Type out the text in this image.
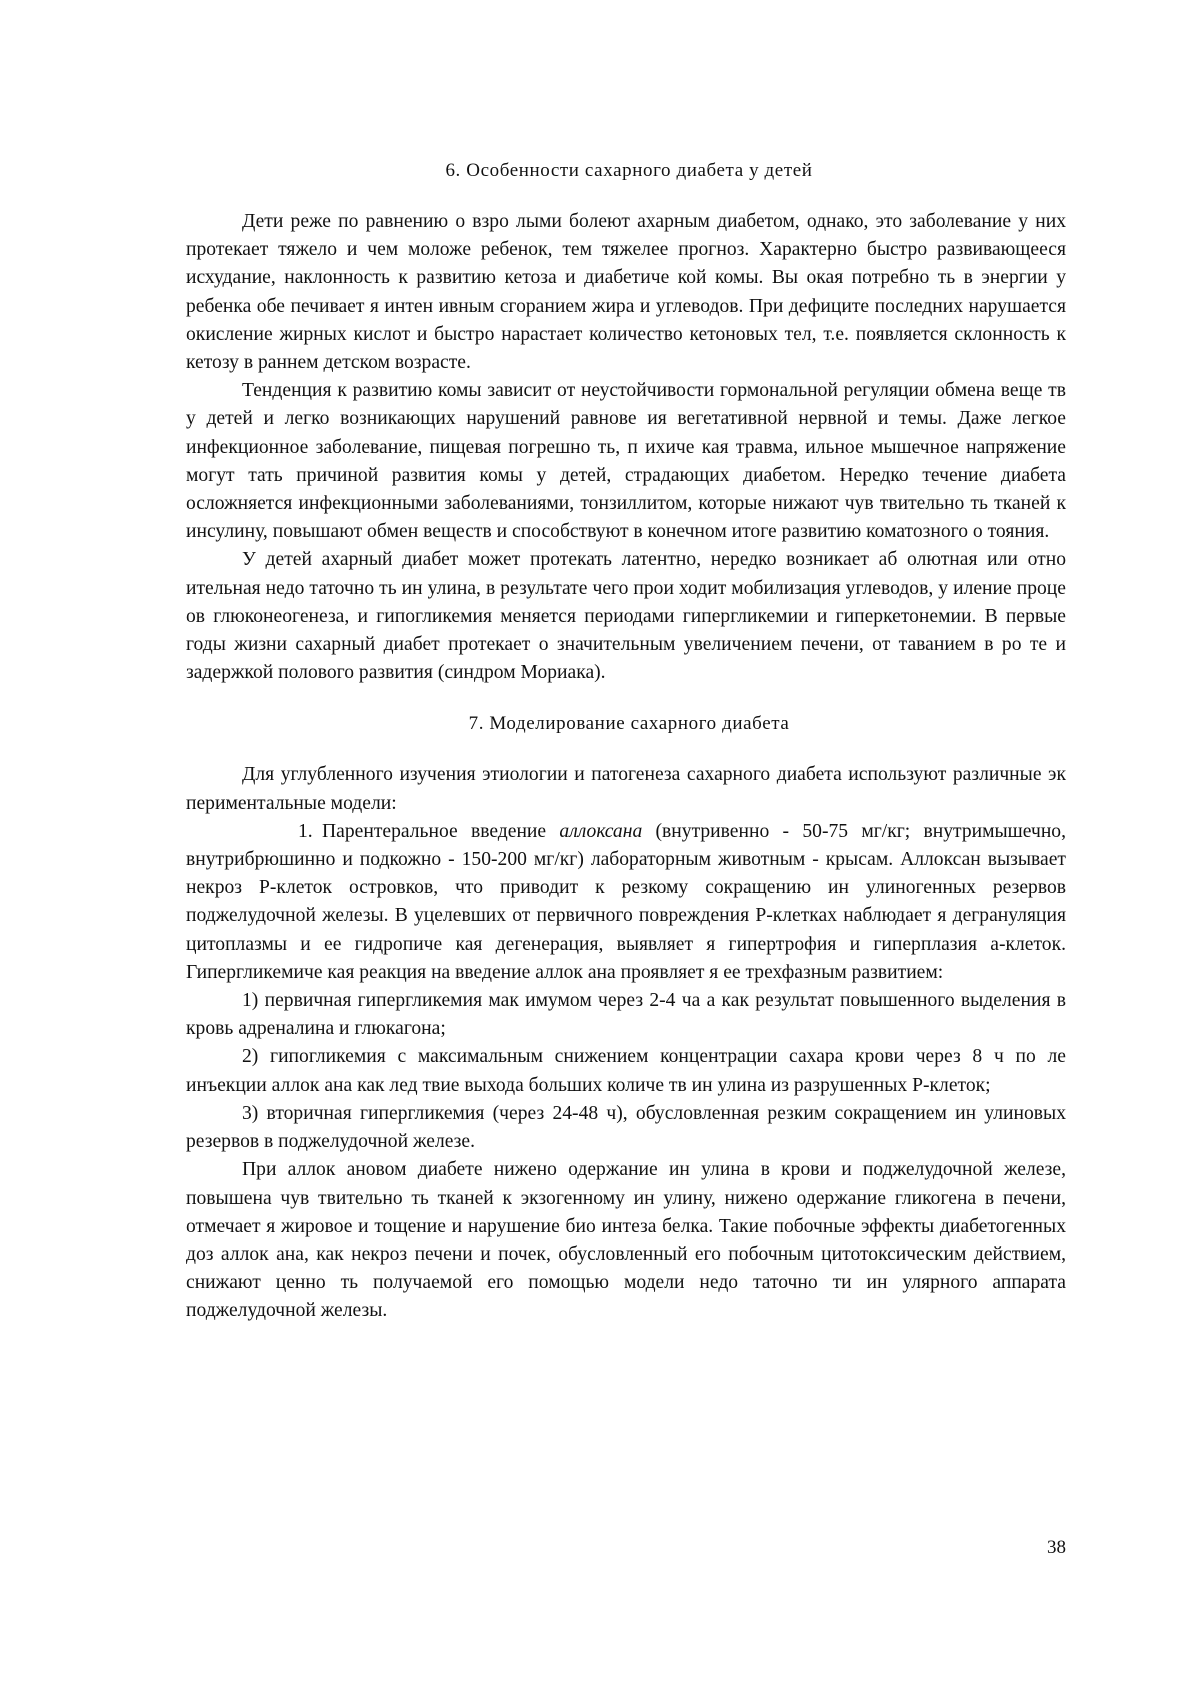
6. Особенности сахарного диабета у детей

Дети реже по равнению о взро лыми болеют ахарным диабетом, однако, это заболевание у них протекает тяжело и чем моложе ребенок, тем тяжелее прогноз. Характерно быстро развивающееся исхудание, наклонность к развитию кетоза и диабетиче кой комы. Вы окая потребно ть в энергии у ребенка обе печивает я интен ивным сгоранием жира и углеводов. При дефиците последних нарушается окисление жирных кислот и быстро нарастает количество кетоновых тел, т.е. появляется склонность к кетозу в раннем детском возрасте.

Тенденция к развитию комы зависит от неустойчивости гормональной регуляции обмена веще тв у детей и легко возникающих нарушений равнове ия вегетативной нервной и темы. Даже легкое инфекционное заболевание, пищевая погрешно ть, п ихиче кая травма, ильное мышечное напряжение могут тать причиной развития комы у детей, страдающих диабетом. Нередко течение диабета осложняется инфекционными заболеваниями, тонзиллитом, которые нижают чув твительно ть тканей к инсулину, повышают обмен веществ и способствуют в конечном итоге развитию коматозного о тояния.

У детей ахарный диабет может протекать латентно, нередко возникает аб олютная или отно ительная недо таточно ть ин улина, в результате чего прои ходит мобилизация углеводов, у иление проце ов глюконеогенеза, и гипогликемия меняется периодами гипергликемии и гиперкетонемии. В первые годы жизни сахарный диабет протекает о значительным увеличением печени, от таванием в ро те и задержкой полового развития (синдром Мориака).

7. Моделирование сахарного диабета

Для углубленного изучения этиологии и патогенеза сахарного диабета используют различные эк периментальные модели:

1. Парентеральное введение аллоксана (внутривенно - 50-75 мг/кг; внутримышечно, внутрибрюшинно и подкожно - 150-200 мг/кг) лабораторным животным - крысам. Аллоксан вызывает некроз Р-клеток островков, что приводит к резкому сокращению ин улиногенных резервов поджелудочной железы. В уцелевших от первичного повреждения Р-клетках наблюдает я дегрануляция цитоплазмы и ее гидропиче кая дегенерация, выявляет я гипертрофия и гиперплазия а-клеток. Гипергликемиче кая реакция на введение аллок ана проявляет я ее трехфазным развитием:

1) первичная гипергликемия мак имумом через 2-4 ча а как результат повышенного выделения в кровь адреналина и глюкагона;

2) гипогликемия с максимальным снижением концентрации сахара крови через 8 ч по ле инъекции аллок ана как лед твие выхода больших количе тв ин улина из разрушенных Р-клеток;

3) вторичная гипергликемия (через 24-48 ч), обусловленная резким сокращением ин улиновых резервов в поджелудочной железе.

При аллок ановом диабете нижено одержание ин улина в крови и поджелудочной железе, повышена чув твительно ть тканей к экзогенному ин улину, нижено одержание гликогена в печени, отмечает я жировое и тощение и нарушение био интеза белка. Такие побочные эффекты диабетогенных доз аллок ана, как некроз печени и почек, обусловленный его побочным цитотоксическим действием, снижают ценно ть получаемой его помощью модели недо таточно ти ин улярного аппарата поджелудочной железы.

38
